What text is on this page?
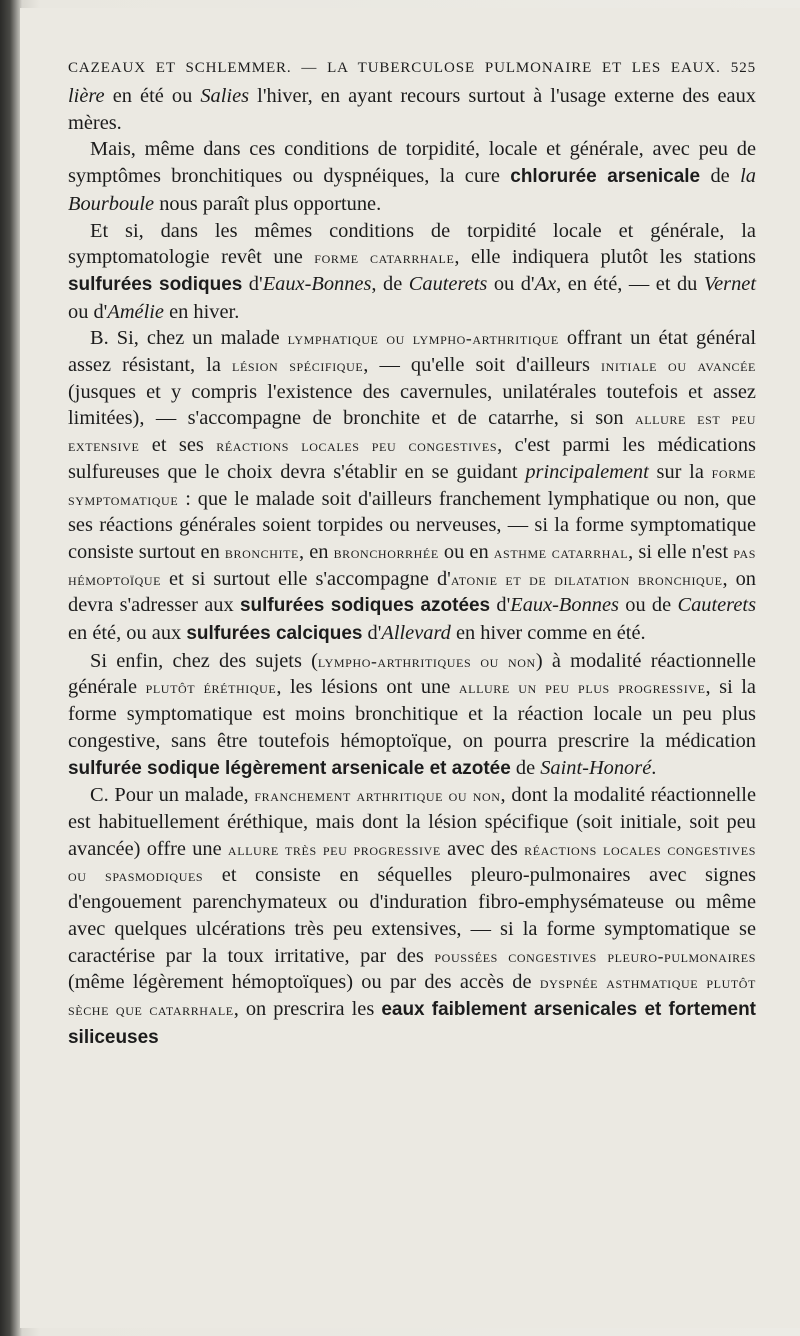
CAZEAUX ET SCHLEMMER. — LA TUBERCULOSE PULMONAIRE ET LES EAUX. 525

lière en été ou Salies l'hiver, en ayant recours surtout à l'usage externe des eaux mères.

Mais, même dans ces conditions de torpidité, locale et générale, avec peu de symptômes bronchitiques ou dyspnéiques, la cure chlorurée arsenicale de la Bourboule nous paraît plus opportune.

Et si, dans les mêmes conditions de torpidité locale et générale, la symptomatologie revêt une forme catarrhale, elle indiquera plutôt les stations sulfurées sodiques d'Eaux-Bonnes, de Cauterets ou d'Ax, en été, — et du Vernet ou d'Amélie en hiver.

B. Si, chez un malade lymphatique ou lympho-arthritique offrant un état général assez résistant, la lésion spécifique, — qu'elle soit d'ailleurs initiale ou avancée (jusques et y compris l'existence des cavernules, unilatérales toutefois et assez limitées), — s'accompagne de bronchite et de catarrhe, si son allure est peu extensive et ses réactions locales peu congestives, c'est parmi les médications sulfureuses que le choix devra s'établir en se guidant principalement sur la forme symptomatique : que le malade soit d'ailleurs franchement lymphatique ou non, que ses réactions générales soient torpides ou nerveuses, — si la forme symptomatique consiste surtout en bronchite, en bronchorrhée ou en asthme catarrhal, si elle n'est pas hémoptoïque et si surtout elle s'accompagne d'atonie et de dilatation bronchique, on devra s'adresser aux sulfurées sodiques azotées d'Eaux-Bonnes ou de Cauterets en été, ou aux sulfurées calciques d'Allevard en hiver comme en été.

Si enfin, chez des sujets (lympho-arthritiques ou non) à modalité réactionnelle générale plutôt éréthique, les lésions ont une allure un peu plus progressive, si la forme symptomatique est moins bronchitique et la réaction locale un peu plus congestive, sans être toutefois hémoptoïque, on pourra prescrire la médication sulfurée sodique légèrement arsenicale et azotée de Saint-Honoré.

C. Pour un malade, franchement arthritique ou non, dont la modalité réactionnelle est habituellement éréthique, mais dont la lésion spécifique (soit initiale, soit peu avancée) offre une allure très peu progressive avec des réactions locales congestives ou spasmodiques et consiste en séquelles pleuro-pulmonaires avec signes d'engouement parenchymateux ou d'induration fibro-emphysémateuse ou même avec quelques ulcérations très peu extensives, — si la forme symptomatique se caractérise par la toux irritative, par des poussées congestives pleuro-pulmonaires (même légèrement hémoptoïques) ou par des accès de dyspnée asthmatique plutôt sèche que catarrhale, on prescrira les eaux faiblement arsenicales et fortement siliceuses
